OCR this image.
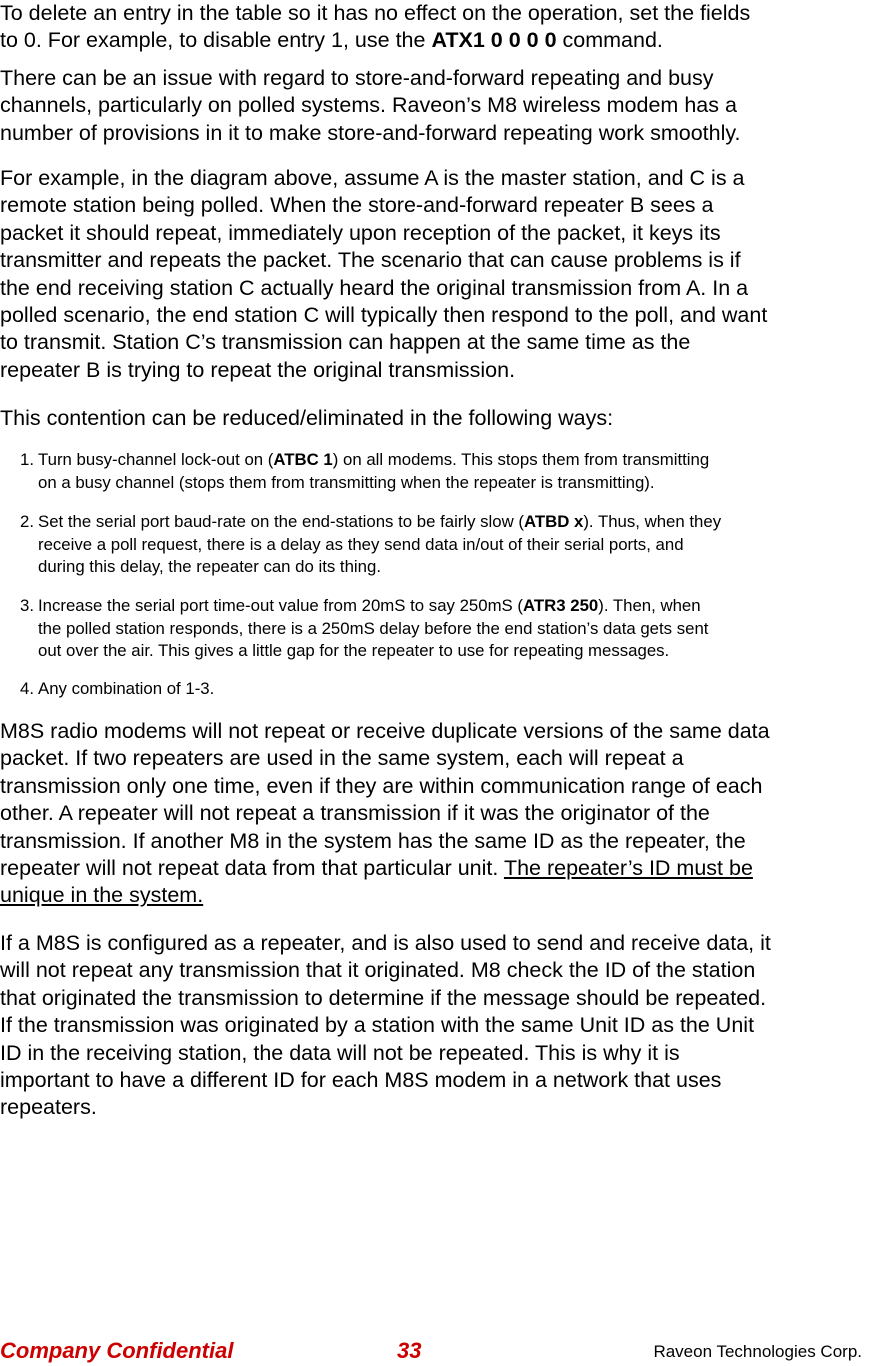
To delete an entry in the table so it has no effect on the operation, set the fields
to 0. For example, to disable entry 1, use the ATX1 0 0 0 0 command.
There can be an issue with regard to store-and-forward repeating and busy
channels, particularly on polled systems. Raveon’s M8 wireless modem has a
number of provisions in it to make store-and-forward repeating work smoothly.
For example, in the diagram above, assume A is the master station, and C is a
remote station being polled. When the store-and-forward repeater B sees a
packet it should repeat, immediately upon reception of the packet, it keys its
transmitter and repeats the packet. The scenario that can cause problems is if
the end receiving station C actually heard the original transmission from A. In a
polled scenario, the end station C will typically then respond to the poll, and want
to transmit. Station C’s transmission can happen at the same time as the
repeater B is trying to repeat the original transmission.
This contention can be reduced/eliminated in the following ways:
1. Turn busy-channel lock-out on (ATBC 1) on all modems. This stops them from transmitting
on a busy channel (stops them from transmitting when the repeater is transmitting).
2. Set the serial port baud-rate on the end-stations to be fairly slow (ATBD x). Thus, when they
receive a poll request, there is a delay as they send data in/out of their serial ports, and
during this delay, the repeater can do its thing.
3. Increase the serial port time-out value from 20mS to say 250mS (ATR3 250). Then, when
the polled station responds, there is a 250mS delay before the end station’s data gets sent
out over the air. This gives a little gap for the repeater to use for repeating messages.
4. Any combination of 1-3.
M8S radio modems will not repeat or receive duplicate versions of the same data
packet. If two repeaters are used in the same system, each will repeat a
transmission only one time, even if they are within communication range of each
other. A repeater will not repeat a transmission if it was the originator of the
transmission. If another M8 in the system has the same ID as the repeater, the
repeater will not repeat data from that particular unit. The repeater’s ID must be
unique in the system.
If a M8S is configured as a repeater, and is also used to send and receive data, it
will not repeat any transmission that it originated. M8 check the ID of the station
that originated the transmission to determine if the message should be repeated.
If the transmission was originated by a station with the same Unit ID as the Unit
ID in the receiving station, the data will not be repeated. This is why it is
important to have a different ID for each M8S modem in a network that uses
repeaters.
Company Confidential	33	Raveon Technologies Corp.
